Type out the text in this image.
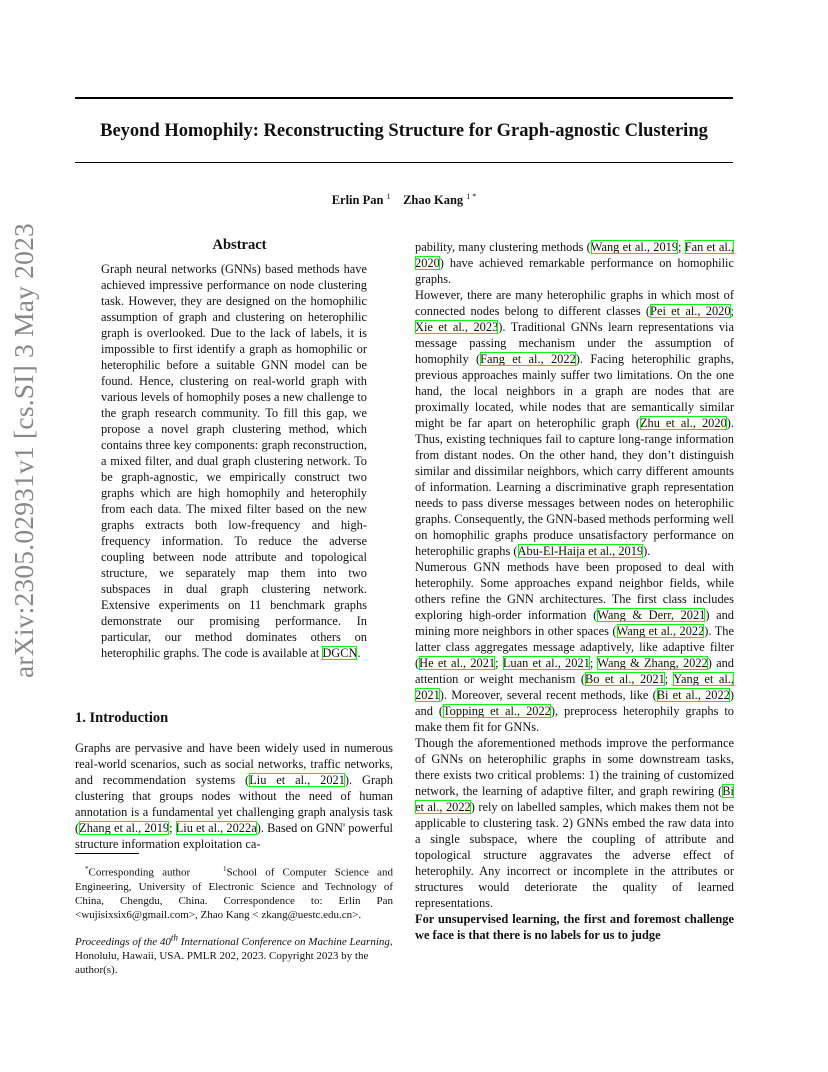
Beyond Homophily: Reconstructing Structure for Graph-agnostic Clustering
Erlin Pan $^1$ Zhao Kang $^{1 *}$
arXiv:2305.02931v1 [cs.SI] 3 May 2023	Abstract

Graph neural networks (GNNs) based methods have achieved impressive performance on node clustering task. However, they are designed on the homophilic assumption of graph and clustering on heterophilic graph is overlooked. Due to the lack of labels, it is impossible to first identify a graph as homophilic or heterophilic before a suitable GNN model can be found. Hence, clustering on real-world graph with various levels of homophily poses a new challenge to the graph research community. To fill this gap, we propose a novel graph clustering method, which contains three key components: graph reconstruction, a mixed filter, and dual graph clustering network. To be graph-agnostic, we empirically construct two graphs which are high homophily and heterophily from each data. The mixed filter based on the new graphs extracts both low-frequency and high-frequency information. To reduce the adverse coupling between node attribute and topological structure, we separately map them into two subspaces in dual graph clustering network. Extensive experiments on 11 benchmark graphs demonstrate our promising performance. In particular, our method dominates others on heterophilic graphs. The code is available at DGCN.

1. Introduction

Graphs are pervasive and have been widely used in numerous real-world scenarios, such as social networks, traffic networks, and recommendation systems (Liu et al., 2021). Graph clustering that groups nodes without the need of human annotation is a fundamental yet challenging graph analysis task (Zhang et al., 2019; Liu et al., 2022a). Based on GNN' powerful structure information exploitation ca-

*Corresponding author	$^1$School of Computer Science and Engineering, University of Electronic Science and Technology of China, Chengdu, China. Correspondence to: Erlin Pan <wujisixsix6@gmail.com>, Zhao Kang < zkang@uestc.edu.cn>.

Proceedings of the 40th International Conference on Machine Learning, Honolulu, Hawaii, USA. PMLR 202, 2023. Copyright 2023 by the author(s).

pability, many clustering methods (Wang et al., 2019; Fan et al., 2020) have achieved remarkable performance on homophilic graphs.

However, there are many heterophilic graphs in which most of connected nodes belong to different classes (Pei et al., 2020; Xie et al., 2023). Traditional GNNs learn representations via message passing mechanism under the assumption of homophily (Fang et al., 2022). Facing heterophilic graphs, previous approaches mainly suffer two limitations. On the one hand, the local neighbors in a graph are nodes that are proximally located, while nodes that are semantically similar might be far apart on heterophilic graph (Zhu et al., 2020). Thus, existing techniques fail to capture long-range information from distant nodes. On the other hand, they don’t distinguish similar and dissimilar neighbors, which carry different amounts of information. Learning a discriminative graph representation needs to pass diverse messages between nodes on heterophilic graphs. Consequently, the GNN-based methods performing well on homophilic graphs produce unsatisfactory performance on heterophilic graphs (Abu-El-Haija et al., 2019).

Numerous GNN methods have been proposed to deal with heterophily. Some approaches expand neighbor fields, while others refine the GNN architectures. The first class includes exploring high-order information (Wang & Derr, 2021) and mining more neighbors in other spaces (Wang et al., 2022). The latter class aggregates message adaptively, like adaptive filter (He et al., 2021; Luan et al., 2021; Wang & Zhang, 2022) and attention or weight mechanism (Bo et al., 2021; Yang et al., 2021). Moreover, several recent methods, like (Bi et al., 2022) and (Topping et al., 2022), preprocess heterophily graphs to make them fit for GNNs.

Though the aforementioned methods improve the performance of GNNs on heterophilic graphs in some downstream tasks, there exists two critical problems: 1) the training of customized network, the learning of adaptive filter, and graph rewiring (Bi et al., 2022) rely on labelled samples, which makes them not be applicable to clustering task. 2) GNNs embed the raw data into a single subspace, where the coupling of attribute and topological structure aggravates the adverse effect of heterophily. Any incorrect or incomplete in the attributes or structures would deteriorate the quality of learned representations.

For unsupervised learning, the first and foremost challenge we face is that there is no labels for us to judge
